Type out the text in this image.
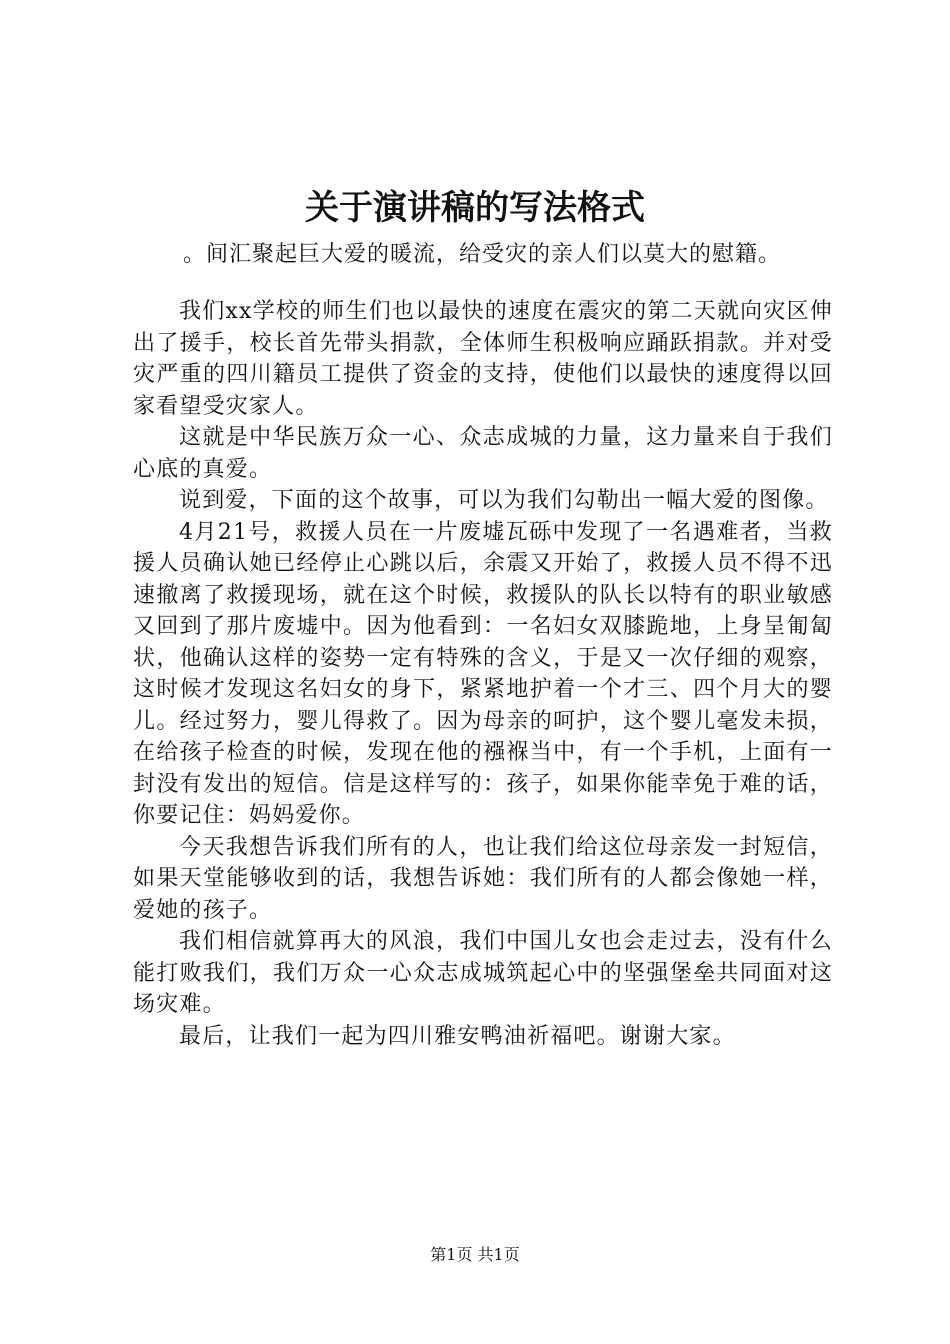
关于演讲稿的写法格式
。间汇聚起巨大爱的暖流，给受灾的亲人们以莫大的慰籍。

我们xx学校的师生们也以最快的速度在震灾的第二天就向灾区伸出了援手，校长首先带头捐款，全体师生积极响应踊跃捐款。并对受灾严重的四川籍员工提供了资金的支持，使他们以最快的速度得以回家看望受灾家人。

这就是中华民族万众一心、众志成城的力量，这力量来自于我们心底的真爱。

说到爱，下面的这个故事，可以为我们勾勒出一幅大爱的图像。

4月21号，救援人员在一片废墟瓦砾中发现了一名遇难者，当救援人员确认她已经停止心跳以后，余震又开始了，救援人员不得不迅速撤离了救援现场，就在这个时候，救援队的队长以特有的职业敏感又回到了那片废墟中。因为他看到：一名妇女双膝跪地，上身呈匍匐状，他确认这样的姿势一定有特殊的含义，于是又一次仔细的观察，这时候才发现这名妇女的身下，紧紧地护着一个才三、四个月大的婴儿。经过努力，婴儿得救了。因为母亲的呵护，这个婴儿毫发未损，在给孩子检查的时候，发现在他的襁褓当中，有一个手机，上面有一封没有发出的短信。信是这样写的：孩子，如果你能幸免于难的话，你要记住：妈妈爱你。

今天我想告诉我们所有的人，也让我们给这位母亲发一封短信，如果天堂能够收到的话，我想告诉她：我们所有的人都会像她一样，爱她的孩子。

我们相信就算再大的风浪，我们中国儿女也会走过去，没有什么能打败我们，我们万众一心众志成城筑起心中的坚强堡垒共同面对这场灾难。

最后，让我们一起为四川雅安鸭油祈福吧。谢谢大家。

第1页 共1页
